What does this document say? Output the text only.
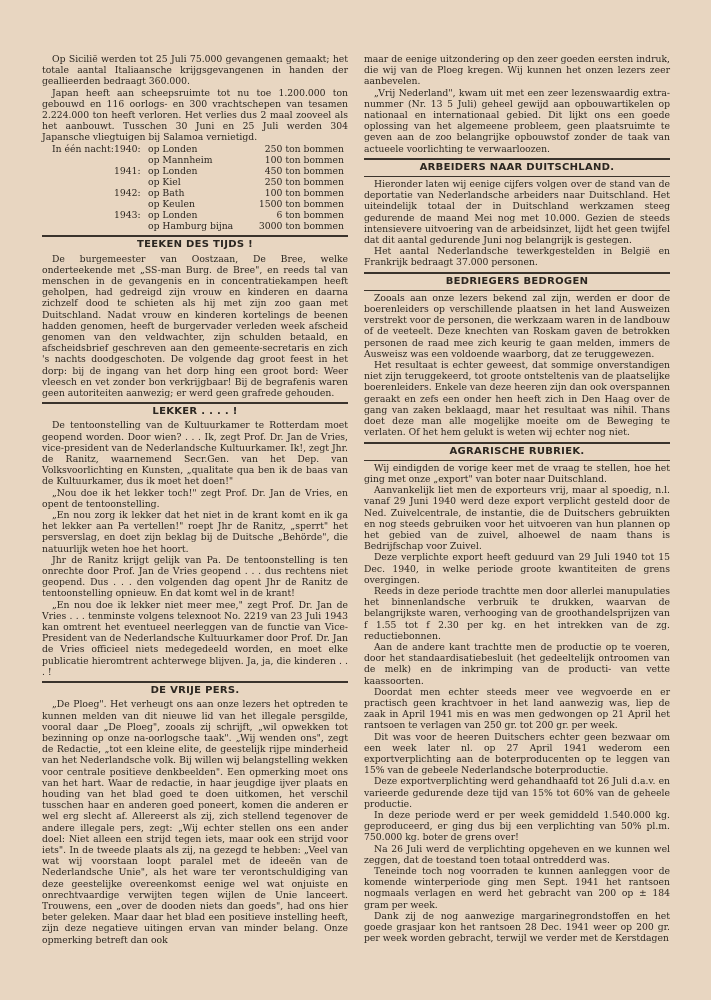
Op Sicilië werden tot 25 Juli 75.000 gevangenen gemaakt; het totale aantal Italiaansche krijgsgevangenen in handen der geallieerden bedraagt 360.000.

Japan heeft aan scheepsruimte tot nu toe 1.200.000 ton gebouwd en 116 oorlogs- en 300 vrachtschepen van tesamen 2.224.000 ton heeft verloren. Het verlies dus 2 maal zooveel als het aanbouwt. Tusschen 30 Juni en 25 Juli werden 304 Japansche vliegtuigen bij Salamoa vernietigd.

In één nacht:	1940:	op Londen	250 ton bommen
		op Mannheim	100 ton bommen
	1941:	op Londen	450 ton bommen
		op Kiel	250 ton bommen
	1942:	op Bath	100 ton bommen
		op Keulen	1500 ton bommen
	1943:	op Londen	6 ton bommen
		op Hamburg bijna	3000 ton bommen
TEEKEN DES TIJDS !

De burgemeester van Oostzaan, De Bree, welke onderteekende met „SS-man Burg. de Bree", en reeds tal van menschen in de gevangenis en in concentratiekampen heeft geholpen, had gedreigd zijn vrouw en kinderen en daarna zichzelf dood te schieten als hij met zijn zoo gaan met Duitschland. Nadat vrouw en kinderen kortelings de beenen hadden genomen, heeft de burgervader verleden week afscheid genomen van den veldwachter, zijn schulden betaald, en afscheidsbrief geschreven aan den gemeente-secretaris en zich 's nachts doodgeschoten. De volgende dag groot feest in het dorp: bij de ingang van het dorp hing een groot bord: Weer vleesch en vet zonder bon verkrijgbaar! Bij de begrafenis waren geen autoriteiten aanwezig; er werd geen grafrede gehouden.

LEKKER . . . . !

De tentoonstelling van de Kultuurkamer te Rotterdam moet geopend worden. Door wien? . . . Ik, zegt Prof. Dr. Jan de Vries, vice-president van de Nederlandsche Kultuurkamer. Ik!, zegt Jhr. de Ranitz, waarnemend Secr.Gen. van het Dep. van Volksvoorlichting en Kunsten, „qualitate qua ben ik de baas van de Kultuurkamer, dus ik moet het doen!"

„Nou doe ik het lekker toch!" zegt Prof. Dr. Jan de Vries, en opent de tentoonstelling.

„En nou zorg ik lekker dat het niet in de krant komt en ik ga het lekker aan Pa vertellen!" roept Jhr de Ranitz, „sperrt" het persverslag, en doet zijn beklag bij de Duitsche „Behörde", die natuurlijk weten hoe het hoort.

Jhr de Ranitz krijgt gelijk van Pa. De tentoonstelling is ten onrechte door Prof. Jan de Vries geopend . . . dus rechtens niet geopend. Dus . . . den volgenden dag opent Jhr de Ranitz de tentoonstelling opnieuw. En dat komt wel in de krant!

„En nou doe ik lekker niet meer mee," zegt Prof. Dr. Jan de Vries . . . tenminste volgens telexnoot No. 2219 van 23 Juli 1943 kan omtrent het eventueel neerleggen van de functie van Vice-President van de Nederlandsche Kultuurkamer door Prof. Dr. Jan de Vries officieel niets medegedeeld worden, en moet elke publicatie hieromtrent achterwege blijven. Ja, ja, die kinderen . . . !

DE VRIJE PERS.

„De Ploeg". Het verheugt ons aan onze lezers het optreden te kunnen melden van dit nieuwe lid van het illegale persgilde, vooral daar „De Ploeg", zooals zij schrijft, „wil opwekken tot bezinning op onze na-oorlogsche taak". „Wij wenden ons", zegt de Redactie, „tot een kleine elite, de geestelijk rijpe minderheid van het Nederlandsche volk. Bij willen wij belangstelling wekken voor centrale positieve denkbeelden". Een opmerking moet ons van het hart. Waar de redactie, in haar jeugdige ijver plaats en houding van het blad goed te doen uitkomen, het verschil tusschen haar en anderen goed poneert, komen die anderen er wel erg slecht af. Allereerst als zij, zich stellend tegenover de andere illegale pers, zegt: „Wij echter stellen ons een ander doel: Niet alleen een strijd tegen iets, maar ook een strijd voor iets". In de tweede plaats als zij, na gezegd te hebben: „Veel van wat wij voorstaan loopt paralel met de ideeën van de Nederlandsche Unie", als het ware ter verontschuldiging van deze geestelijke overeenkomst eenige wel wat onjuiste en onrechtvaardige verwijten tegen wijlen de Unie lanceert. Trouwens, een „over de dooden niets dan goeds", had ons hier beter geleken. Maar daar het blad een positieve instelling heeft, zijn deze negatieve uitingen ervan van minder belang. Onze opmerking betreft dan ook

maar de eenige uitzondering op den zeer goeden eersten indruk, die wij van de Ploeg kregen. Wij kunnen het onzen lezers zeer aanbevelen.

„Vrij Nederland", kwam uit met een zeer lezenswaardig extra-nummer (Nr. 13 5 Juli) geheel gewijd aan opbouwartikelen op nationaal en internationaal gebied. Dit lijkt ons een goede oplossing van het algemeene probleem, geen plaatsruimte te geven aan de zoo belangrijke opbouwstof zonder de taak van actueele voorlichting te verwaarloozen.

ARBEIDERS NAAR DUITSCHLAND.

Hieronder laten wij eenige cijfers volgen over de stand van de deportatie van Nederlandsche arbeiders naar Duitschland. Het uiteindelijk totaal der in Duitschland werkzamen steeg gedurende de maand Mei nog met 10.000. Gezien de steeds intensievere uitvoering van de arbeidsinzet, lijdt het geen twijfel dat dit aantal gedurende Juni nog belangrijk is gestegen.

Het aantal Nederlandsche tewerkgestelden in België en Frankrijk bedraagt 37.000 personen.

BEDRIEGERS BEDROGEN

Zooals aan onze lezers bekend zal zijn, werden er door de boerenleiders op verschillende plaatsen in het land Ausweizen verstrekt voor de personen, die werkzaam waren in de landbouw of de veeteelt. Deze knechten van Roskam gaven de betrokken personen de raad mee zich keurig te gaan melden, immers de Ausweisz was een voldoende waarborg, dat ze teruggewezen.

Het resultaat is echter geweest, dat sommige onverstandigen niet zijn teruggekeerd, tot groote ontsteltenis van de plaatselijke boerenleiders. Enkele van deze heeren zijn dan ook overspannen geraakt en zefs een onder hen heeft zich in Den Haag over de gang van zaken beklaagd, maar het resultaat was nihil. Thans doet deze man alle mogelijke moeite om de Beweging te verlaten. Of het hem gelukt is weten wij echter nog niet.

AGRARISCHE RUBRIEK.

Wij eindigden de vorige keer met de vraag te stellen, hoe het ging met onze „export" van boter naar Duitschland.

Aanvankelijk liet men de exporteurs vrij, maar al spoedig, n.l. vanaf 29 Juni 1940 werd deze export verplicht gesteld door de Ned. Zuivelcentrale, de instantie, die de Duitschers gebruikten en nog steeds gebruiken voor het uitvoeren van hun plannen op het gebied van de zuivel, alhoewel de naam thans is Bedrijfschap voor Zuivel.

Deze verplichte export heeft geduurd van 29 Juli 1940 tot 15 Dec. 1940, in welke periode groote kwantiteiten de grens overgingen.

Reeds in deze periode trachtte men door allerlei manupulaties het binnenlandsche verbruik te drukken, waarvan de belangrijkste waren, verhooging van de groothandelsprijzen van f 1.55 tot f 2.30 per kg. en het intrekken van de zg. reductiebonnen.

Aan de andere kant trachtte men de productie op te voeren, door het standaardisatiebesluit (het gedeeltelijk ontroomen van de melk) en de inkrimping van de producti- van vette kaassoorten.

Doordat men echter steeds meer vee wegvoerde en er practisch geen krachtvoer in het land aanwezig was, liep de zaak in April 1941 mis en was men gedwongen op 21 April het rantsoen te verlagen van 250 gr. tot 200 gr. per week.

Dit was voor de heeren Duitschers echter geen bezwaar om een week later nl. op 27 April 1941 wederom een exportverplichting aan de boterproducenten op te leggen van 15% van de gebeele Nederlandsche boterproductie.

Deze exportverplichting werd gehandhaafd tot 26 Juli d.a.v. en varieerde gedurende deze tijd van 15% tot 60% van de geheele productie.

In deze periode werd er per week gemiddeld 1.540.000 kg. geproduceerd, er ging dus bij een verplichting van 50% pl.m. 750.000 kg. boter de grens over!

Na 26 Juli werd de verplichting opgeheven en we kunnen wel zeggen, dat de toestand toen totaal ontredderd was.

Teneinde toch nog voorraden te kunnen aanleggen voor de komende winterperiode ging men Sept. 1941 het rantsoen nogmaals verlagen en werd het gebracht van 200 op ± 184 gram per week.

Dank zij de nog aanwezige margarinegrondstoffen en het goede grasjaar kon het rantsoen 28 Dec. 1941 weer op 200 gr. per week worden gebracht, terwijl we verder met de Kerstdagen
